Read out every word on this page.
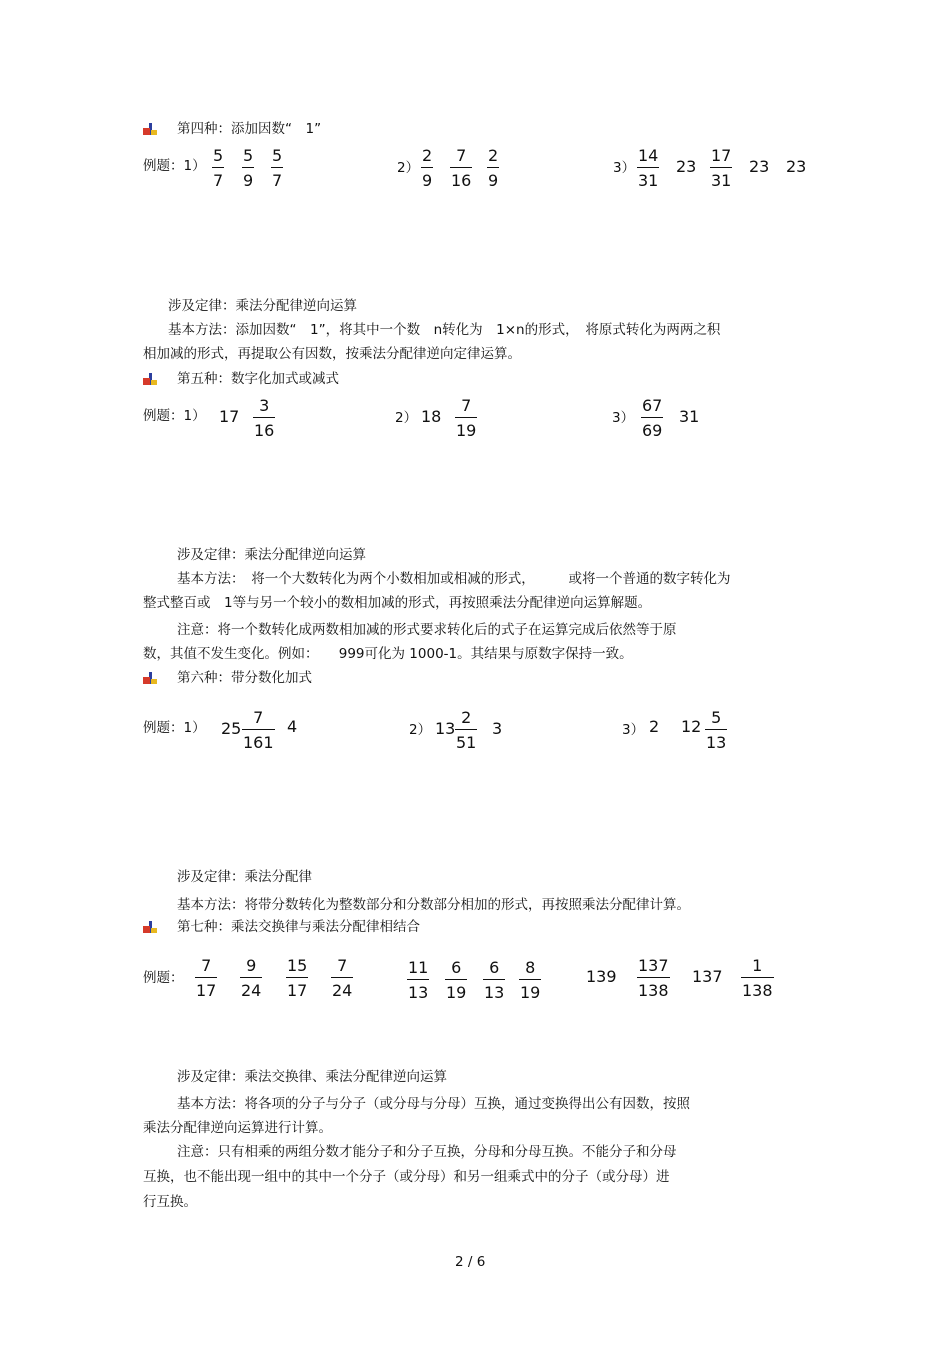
第四种：添加因数“　1”
例题：$1) \frac{5}{7} \frac{5}{9} \frac{5}{7}$	$2) \frac{2}{9} \frac{7}{16} \frac{2}{9}$	$3) \frac{14}{31} 23 \frac{17}{31} 23$ 23
涉及定律：乘法分配律逆向运算
基本方法：添加因数“　1”，将其中一个数　n转化为　1×n的形式，　将原式转化为两两之积
相加减的形式，再提取公有因数，按乘法分配律逆向定律运算。
第五种：数字化加式或减式
例题：1） $17 \frac{3}{16}$	2） $18 \frac{7}{19}$	$3) \frac{67}{69} 31$
涉及定律：乘法分配律逆向运算
基本方法：　将一个大数转化为两个小数相加或相减的形式，　　　或将一个普通的数字转化为
整式整百或　1等与另一个较小的数相加减的形式，再按照乘法分配律逆向运算解题。
注意：将一个数转化成两数相加减的形式要求转化后的式子在运算完成后依然等于原
数，其值不发生变化。例如：　　999可化为 1000-1。其结果与原数字保持一致。
第六种：带分数化加式
例题：1） $25 \frac{7}{161} 4$	2） $13 \frac{2}{51} 3$	3） 2 $12 \frac{5}{13}$
涉及定律：乘法分配律
基本方法：将带分数转化为整数部分和分数部分相加的形式，再按照乘法分配律计算。
第七种：乘法交换律与乘法分配律相结合
例题： $\frac{7}{17} \frac{9}{24} \frac{15}{17} \frac{7}{24}$	$\frac{11}{13} \frac{6}{19} \frac{6}{13} \frac{8}{19}$	$139 \frac{137}{138} 137 \frac{1}{138}$
涉及定律：乘法交换律、乘法分配律逆向运算
基本方法：将各项的分子与分子（或分母与分母）互换，通过变换得出公有因数，按照
乘法分配律逆向运算进行计算。
注意：只有相乘的两组分数才能分子和分子互换，分母和分母互换。不能分子和分母
互换，也不能出现一组中的其中一个分子（或分母）和另一组乘式中的分子（或分母）进
行互换。
2 / 6
